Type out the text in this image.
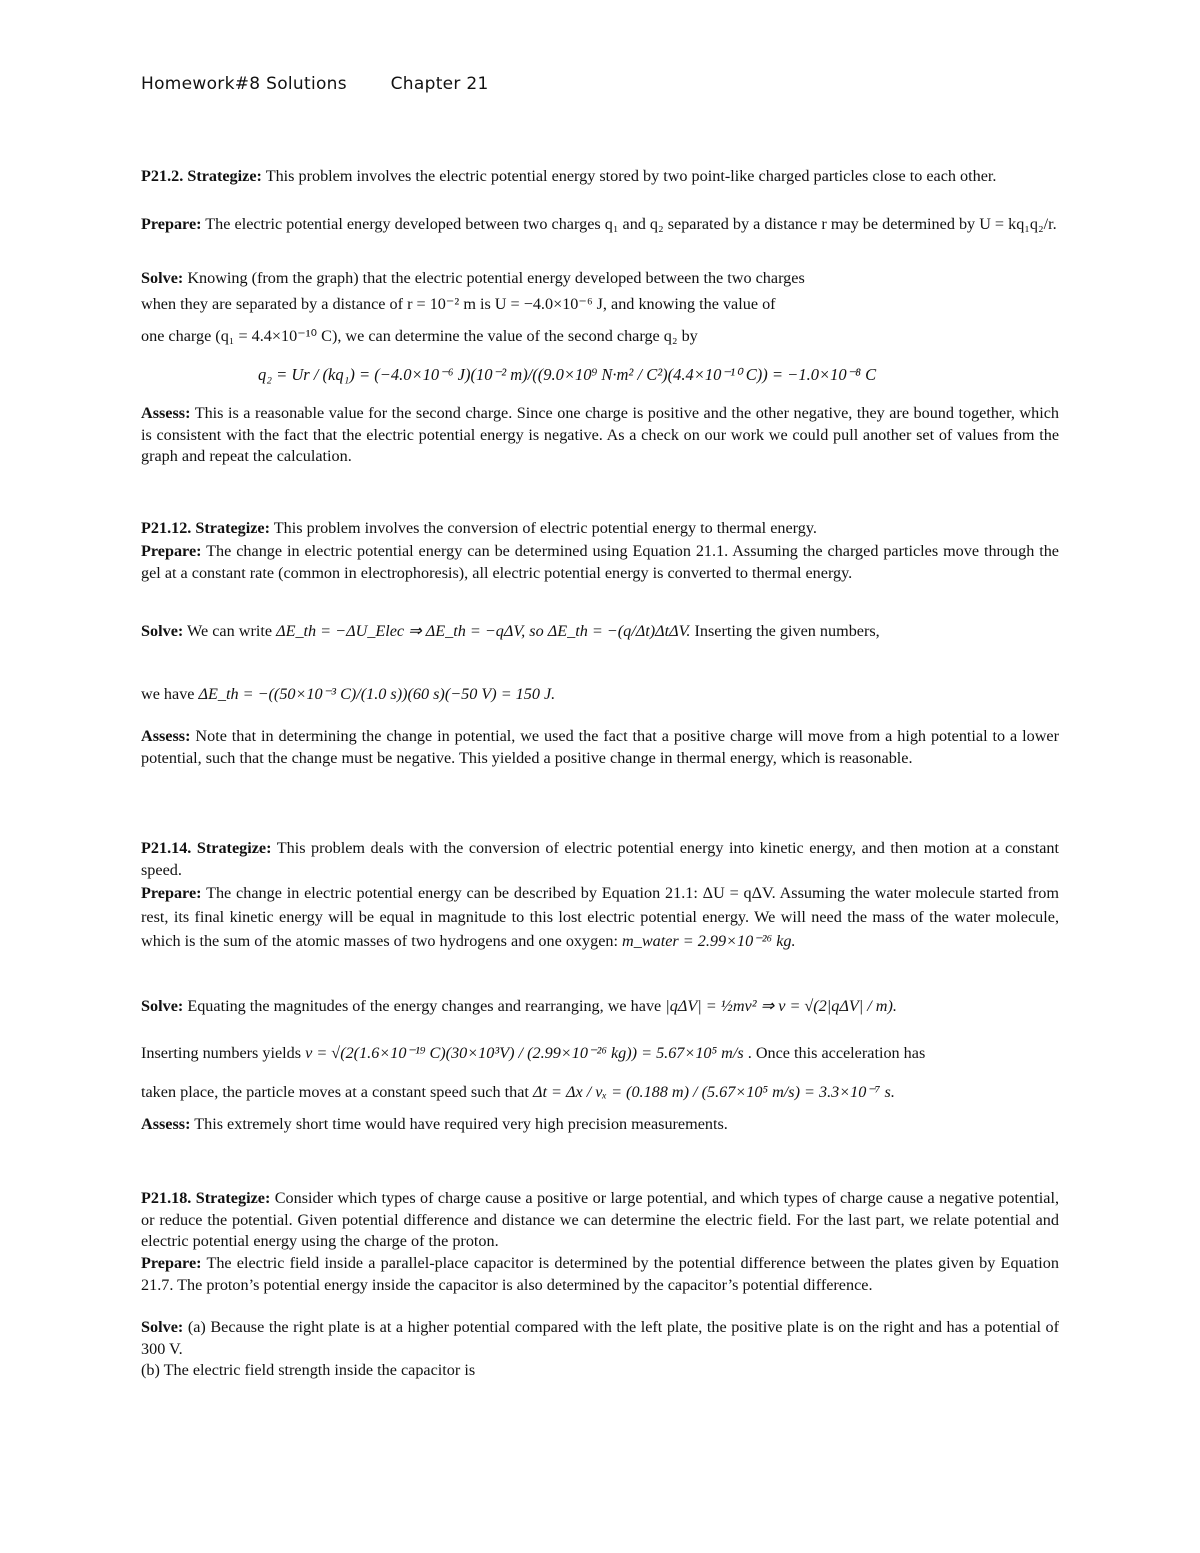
Homework#8 Solutions	Chapter 21
P21.2. Strategize: This problem involves the electric potential energy stored by two point-like charged particles close to each other.
Prepare: The electric potential energy developed between two charges q₁ and q₂ separated by a distance r may be determined by U = kq₁q₂/r.
Solve: Knowing (from the graph) that the electric potential energy developed between the two charges
when they are separated by a distance of r = 10⁻² m is U = −4.0×10⁻⁶ J, and knowing the value of
one charge (q₁ = 4.4×10⁻¹⁰ C), we can determine the value of the second charge q₂ by
q₂ = Ur / (kq₁) = (−4.0×10⁻⁶ J)(10⁻² m)/((9.0×10⁹ N·m² / C²)(4.4×10⁻¹⁰ C)) = −1.0×10⁻⁸ C
Assess: This is a reasonable value for the second charge. Since one charge is positive and the other negative, they are bound together, which is consistent with the fact that the electric potential energy is negative. As a check on our work we could pull another set of values from the graph and repeat the calculation.
P21.12. Strategize: This problem involves the conversion of electric potential energy to thermal energy.
Prepare: The change in electric potential energy can be determined using Equation 21.1. Assuming the charged particles move through the gel at a constant rate (common in electrophoresis), all electric potential energy is converted to thermal energy.
Solve: We can write ΔE_th = −ΔU_Elec ⇒ ΔE_th = −qΔV, so ΔE_th = −(q/Δt)ΔtΔV. Inserting the given numbers,
we have ΔE_th = −((50×10⁻³ C)/(1.0 s))(60 s)(−50 V) = 150 J.
Assess: Note that in determining the change in potential, we used the fact that a positive charge will move from a high potential to a lower potential, such that the change must be negative. This yielded a positive change in thermal energy, which is reasonable.
P21.14. Strategize: This problem deals with the conversion of electric potential energy into kinetic energy, and then motion at a constant speed.
Prepare: The change in electric potential energy can be described by Equation 21.1: ΔU = qΔV. Assuming the water molecule started from rest, its final kinetic energy will be equal in magnitude to this lost electric potential energy. We will need the mass of the water molecule, which is the sum of the atomic masses of two hydrogens and one oxygen: m_water = 2.99×10⁻²⁶ kg.
Solve: Equating the magnitudes of the energy changes and rearranging, we have |qΔV| = ½mv² ⇒ v = √(2|qΔV| / m).
Inserting numbers yields v = √(2(1.6×10⁻¹⁹ C)(30×10³V) / (2.99×10⁻²⁶ kg)) = 5.67×10⁵ m/s . Once this acceleration has
taken place, the particle moves at a constant speed such that Δt = Δx / vₓ = (0.188 m) / (5.67×10⁵ m/s) = 3.3×10⁻⁷ s.
Assess: This extremely short time would have required very high precision measurements.
P21.18. Strategize: Consider which types of charge cause a positive or large potential, and which types of charge cause a negative potential, or reduce the potential. Given potential difference and distance we can determine the electric field. For the last part, we relate potential and electric potential energy using the charge of the proton.
Prepare: The electric field inside a parallel-place capacitor is determined by the potential difference between the plates given by Equation 21.7. The proton’s potential energy inside the capacitor is also determined by the capacitor’s potential difference.
Solve: (a) Because the right plate is at a higher potential compared with the left plate, the positive plate is on the right and has a potential of 300 V.
(b) The electric field strength inside the capacitor is
